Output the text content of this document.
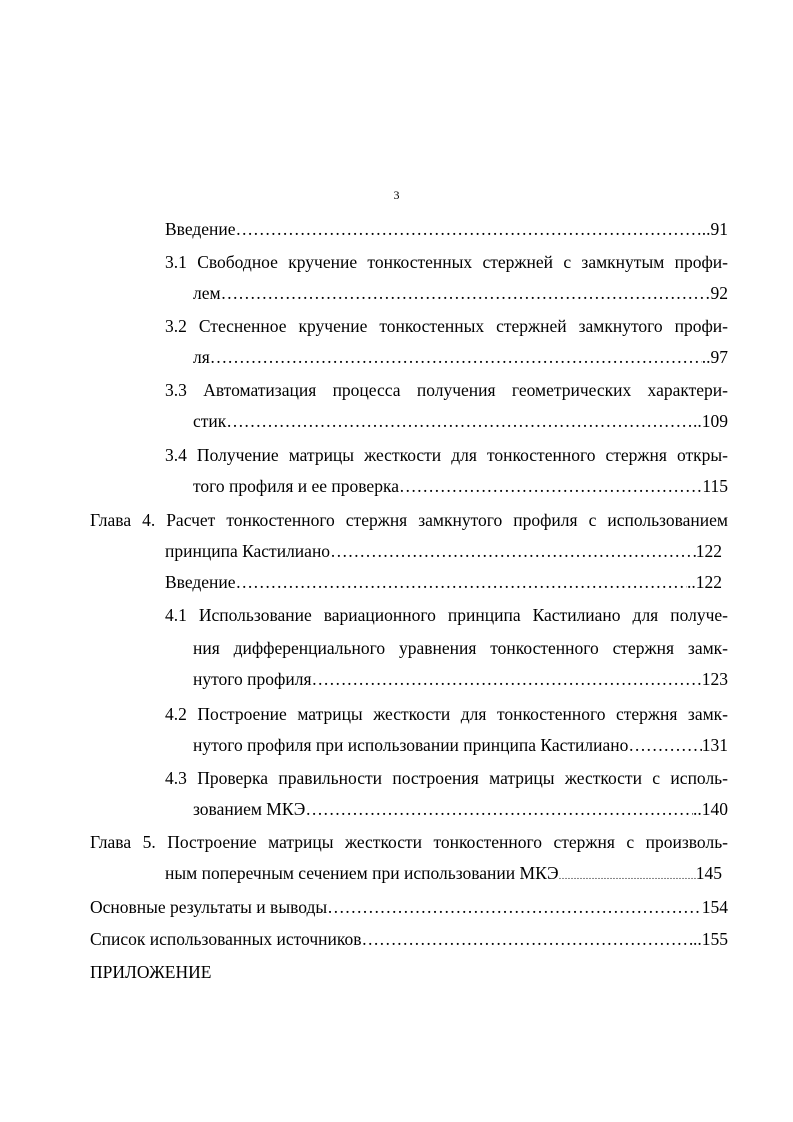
3
Введение …………………………………………………………………………………………………………………………………………………………………………………………………………………………	..91
3.1 Свободное кручение тонкостенных стержней с замкнутым профи-
лем …………………………………………………………………………………………………………………………………………………………………………………………………………………………	92
3.2 Стесненное кручение тонкостенных стержней замкнутого профи-
ля …………………………………………………………………………………………………………………………………………………………………………………………………………………………	..97
3.3 Автоматизация процесса получения геометрических характери-
стик …………………………………………………………………………………………………………………………………………………………………………………………………………………………	..109
3.4 Получение матрицы жесткости для тонкостенного стержня откры-
того профиля и ее проверка …………………………………………………………………………………………………………………………………………………………………………………………………………………………	115
Глава 4. Расчет тонкостенного стержня замкнутого профиля с использованием
принципа Кастилиано …………………………………………………………………………………………………………………………………………………………………………………………………………………………	122
Введение …………………………………………………………………………………………………………………………………………………………………………………………………………………………	..122
4.1 Использование вариационного принципа Кастилиано для получе-
ния дифференциального уравнения тонкостенного стержня замк-
нутого профиля …………………………………………………………………………………………………………………………………………………………………………………………………………………………	123
4.2 Построение матрицы жесткости для тонкостенного стержня замк-
нутого профиля при использовании принципа Кастилиано …………………………………………………………………………………………………………………………………………………………………………………………………………………………	131
4.3 Проверка правильности построения матрицы жесткости с исполь-
зованием МКЭ …………………………………………………………………………………………………………………………………………………………………………………………………………………………	..140
Глава 5. Построение матрицы жесткости тонкостенного стержня с произволь-
ным поперечным сечением при использовании МКЭ …………………………………………………………………………………………………………………………………………………………………………………………………………………………	145
Основные результаты и выводы …………………………………………………………………………………………………………………………………………………………………………………………………………………………	154
Список использованных источников …………………………………………………………………………………………………………………………………………………………………………………………………………………………	..155
ПРИЛОЖЕНИЕ
